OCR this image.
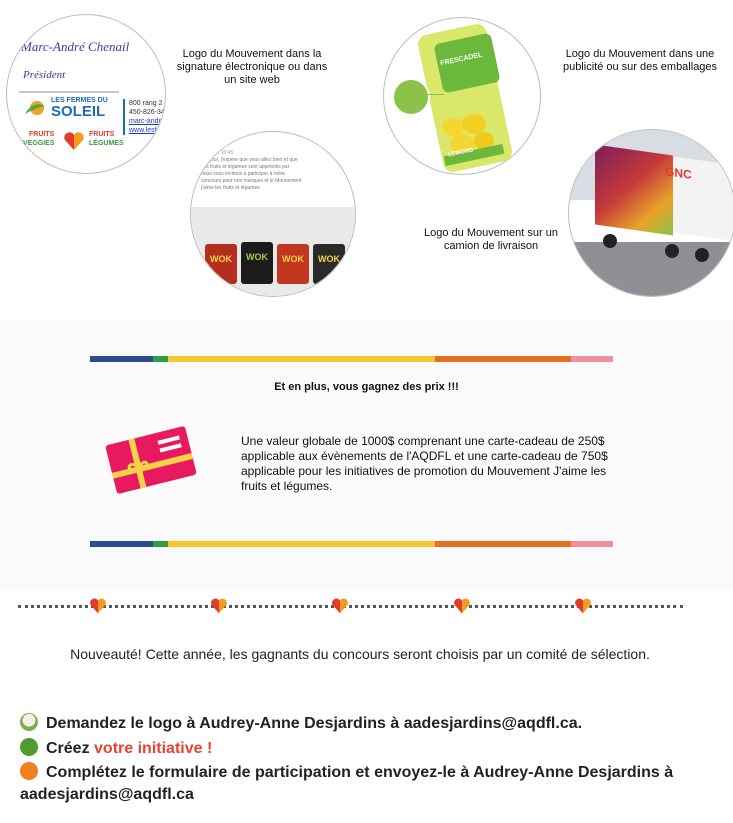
Marc-André Chenail
Président
LES FERMES DU
SOLEIL
FRUITS
VEGGIES
FRUITS
LÉGUMES
800 rang 2
450-826-34
marc-andr
www.lesf
Logo du Mouvement dans la signature électronique ou dans un site web
Bonjour, 10:45
Bonjour, j'espère que vous allez bien et que
vos fruits et légumes sont appréciés par
nous vous invitons à participer à notre
concours pour nos marques et le Mouvement
j'aime les fruits et légumes
WOK	WOK	WOK	WOK
FRESCADEL
LEMONS
Logo du Mouvement dans une publicité ou sur des emballages
Logo du Mouvement sur un camion de livraison
GNC
Et en plus, vous gagnez des prix !!!
Une valeur globale de 1000$ comprenant une carte-cadeau de 250$ applicable aux évènements de l'AQDFL et une carte-cadeau de 750$ applicable pour les initiatives de promotion du Mouvement J'aime les fruits et légumes.
Nouveauté! Cette année, les gagnants du concours seront choisis par un comité de sélection.
Demandez le logo à Audrey-Anne Desjardins à aadesjardins@aqdfl.ca.
Créez votre initiative !
Complétez le formulaire de participation et envoyez-le à Audrey-Anne Desjardins à aadesjardins@aqdfl.ca
